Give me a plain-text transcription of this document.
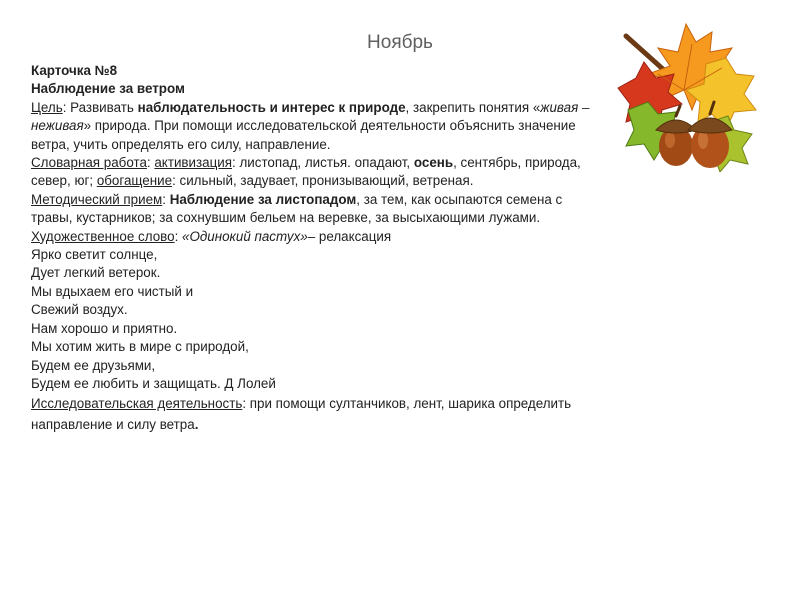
Ноябрь

Карточка №8

Наблюдение за ветром

Цель: Развивать наблюдательность и интерес к природе, закрепить понятия «живая – неживая» природа. При помощи исследовательской деятельности объяснить значение ветра, учить определять его силу, направление.

Словарная работа: активизация: листопад, листья. опадают, осень, сентябрь, природа, север, юг; обогащение: сильный, задувает, пронизывающий, ветреная.

Методический прием: Наблюдение за листопадом, за тем, как осыпаются семена с травы, кустарников; за сохнувшим бельем на веревке, за высыхающими лужами.

Художественное слово: «Одинокий пастух»– релаксация

Ярко светит солнце,

Дует легкий ветерок.

Мы вдыхаем его чистый и

Свежий воздух.

Нам хорошо и приятно.

Мы хотим жить в мире с природой,

Будем ее друзьями,

Будем ее любить и защищать. Д Лолей

Исследовательская деятельность: при помощи султанчиков, лент, шарика определить направление и силу ветра.
